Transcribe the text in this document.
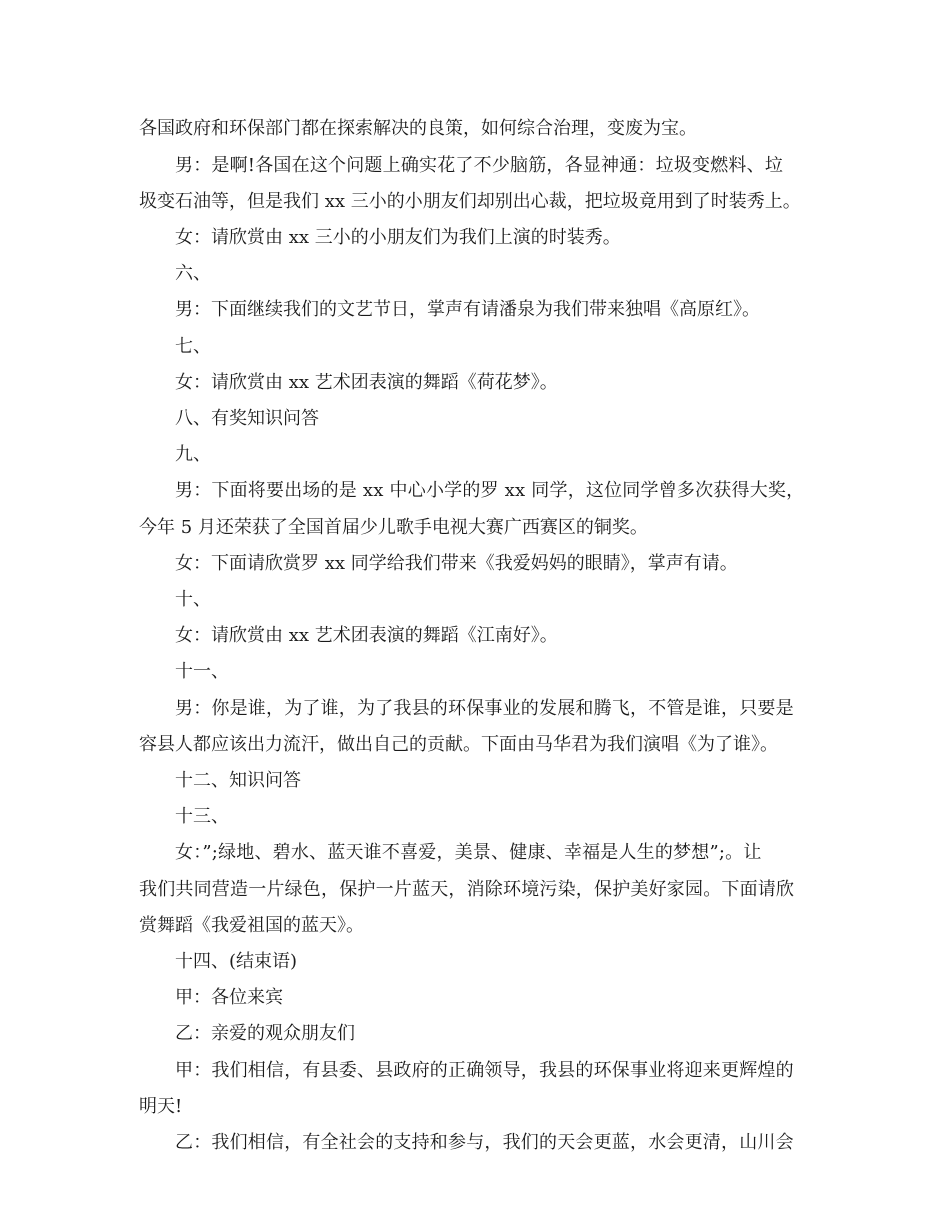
各国政府和环保部门都在探索解决的良策，如何综合治理，变废为宝。
男：是啊!各国在这个问题上确实花了不少脑筋，各显神通：垃圾变燃料、垃
圾变石油等，但是我们 xx 三小的小朋友们却别出心裁，把垃圾竟用到了时装秀上。
女：请欣赏由 xx 三小的小朋友们为我们上演的时装秀。
六、
男：下面继续我们的文艺节日，掌声有请潘泉为我们带来独唱《高原红》。
七、
女：请欣赏由 xx 艺术团表演的舞蹈《荷花梦》。
八、有奖知识问答
九、
男：下面将要出场的是 xx 中心小学的罗 xx 同学，这位同学曾多次获得大奖，
今年 5 月还荣获了全国首届少儿歌手电视大赛广西赛区的铜奖。
女：下面请欣赏罗 xx 同学给我们带来《我爱妈妈的眼睛》，掌声有请。
十、
女：请欣赏由 xx 艺术团表演的舞蹈《江南好》。
十一、
男：你是谁，为了谁，为了我县的环保事业的发展和腾飞，不管是谁，只要是
容县人都应该出力流汗，做出自己的贡献。下面由马华君为我们演唱《为了谁》。
十二、知识问答
十三、
女：”;绿地、碧水、蓝天谁不喜爱，美景、健康、幸福是人生的梦想”;。让
我们共同营造一片绿色，保护一片蓝天，消除环境污染，保护美好家园。下面请欣
赏舞蹈《我爱祖国的蓝天》。
十四、(结束语)
甲：各位来宾
乙：亲爱的观众朋友们
甲：我们相信，有县委、县政府的正确领导，我县的环保事业将迎来更辉煌的
明天!
乙：我们相信，有全社会的支持和参与，我们的天会更蓝，水会更清，山川会
